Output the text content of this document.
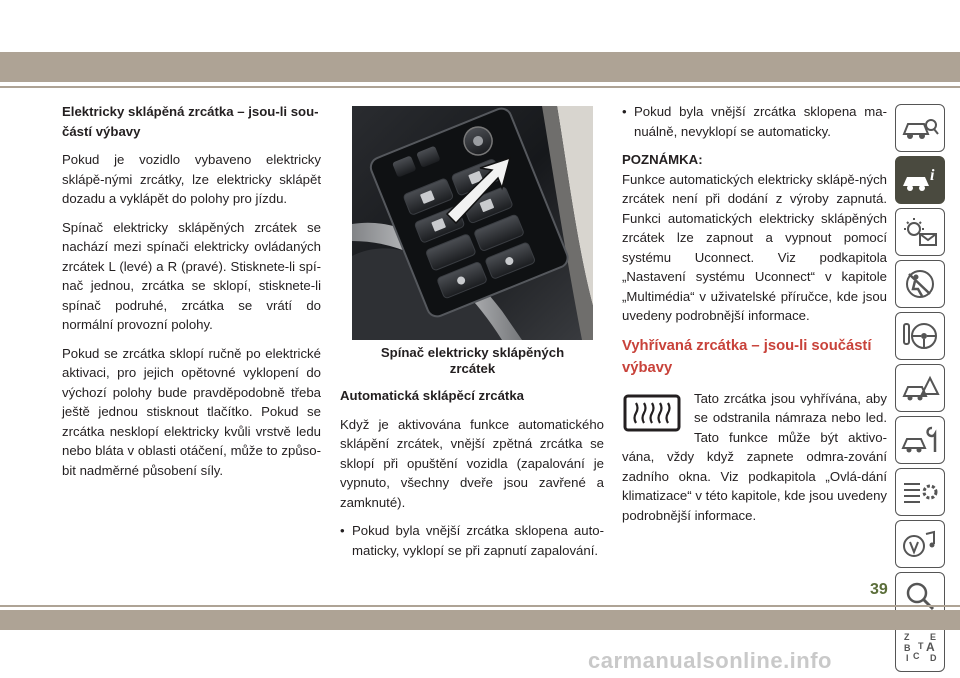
Elektricky sklápěná zrcátka – jsou-li sou-částí výbavy

Pokud je vozidlo vybaveno elektricky sklápě-nými zrcátky, lze elektricky sklápět dozadu a vyklápět do polohy pro jízdu.

Spínač elektricky sklápěných zrcátek se nachází mezi spínači elektricky ovládaných zrcátek L (levé) a R (pravé). Stisknete-li spí-nač jednou, zrcátka se sklopí, stisknete-li spínač podruhé, zrcátka se vrátí do normální provozní polohy.

Pokud se zrcátka sklopí ručně po elektrické aktivaci, pro jejich opětovné vyklopení do výchozí polohy bude pravděpodobně třeba ještě jednou stisknout tlačítko. Pokud se zrcátka nesklopí elektricky kvůli vrstvě ledu nebo bláta v oblasti otáčení, může to způso-bit nadměrné působení síly.

Spínač elektricky sklápěných
zrcátek
Automatická sklápěcí zrcátka

Když je aktivována funkce automatického sklápění zrcátek, vnější zpětná zrcátka se sklopí při opuštění vozidla (zapalování je vypnuto, všechny dveře jsou zavřené a zamknuté).

• Pokud byla vnější zrcátka sklopena auto-maticky, vyklopí se při zapnutí zapalování.
• Pokud byla vnější zrcátka sklopena ma-nuálně, nevyklopí se automaticky.
POZNÁMKA:

Funkce automatických elektricky sklápě-ných zrcátek není při dodání z výroby zapnutá. Funkci automatických elektricky sklápěných zrcátek lze zapnout a vypnout pomocí systému Uconnect. Viz podkapitola „Nastavení systému Uconnect“ v kapitole „Multimédia“ v uživatelské příručce, kde jsou uvedeny podrobnější informace.

Vyhřívaná zrcátka – jsou-li součástí výbavy

Tato zrcátka jsou vyhřívána, aby se odstranila námraza nebo led. Tato funkce může být aktivo-vána, vždy když zapnete odmra-zování zadního okna. Viz podkapitola „Ovlá-dání klimatizace“ v této kapitole, kde jsou uvedeny podrobnější informace.

i
Z E
B A
C D
I
T
39
carmanualsonline.info
